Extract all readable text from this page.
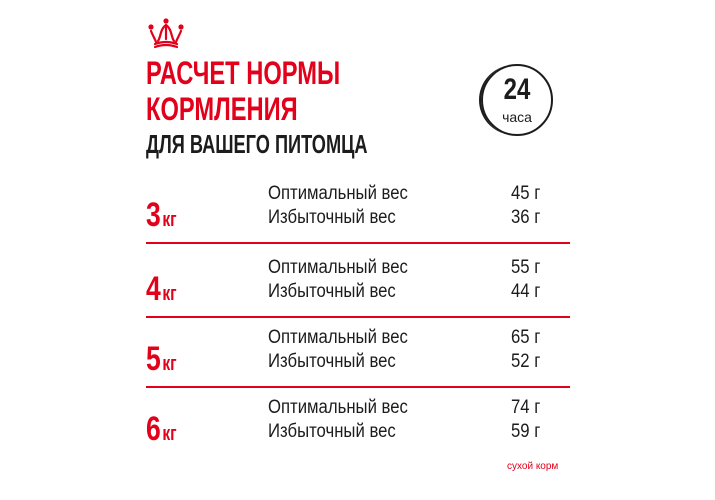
РАСЧЕТ НОРМЫ
КОРМЛЕНИЯ
ДЛЯ ВАШЕГО ПИТОМЦА
24
часа
3кг
Оптимальный вес	45 г
Избыточный вес	36 г
4кг
Оптимальный вес	55 г
Избыточный вес	44 г
5кг
Оптимальный вес	65 г
Избыточный вес	52 г
6кг
Оптимальный вес	74 г
Избыточный вес	59 г
сухой корм
